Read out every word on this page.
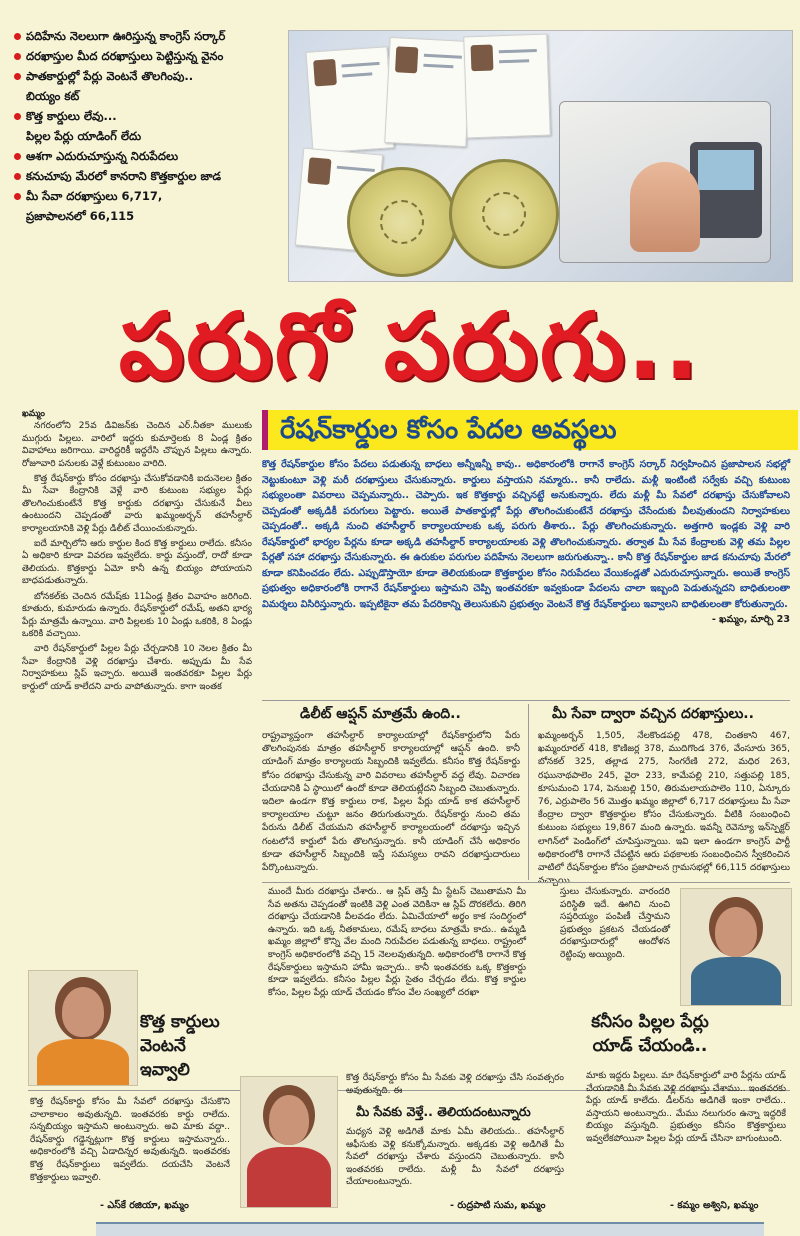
పదిహేను నెలలుగా ఊరిస్తున్న కాంగ్రెస్ సర్కార్
దరఖాస్తుల మీద దరఖాస్తులు పెట్టిస్తున్న వైనం
పాతకార్డుల్లో పేర్లు వెంటనే తొలగింపు..
బియ్యం కట్
కొత్త కార్డులు లేవు...
పిల్లల పేర్లు యాడింగ్ లేదు
ఆశగా ఎదురుచూస్తున్న నిరుపేదలు
కనుచూపు మేరలో కానరాని కొత్తకార్డుల జాడ
మీ సేవా దరఖాస్తులు 6,717,
ప్రజాపాలనలో 66,115
పరుగో పరుగు..
రేషన్‌కార్డుల కోసం పేదల అవస్థలు
ఖమ్మం

నగరంలోని 25వ డివిజన్‌కు చెందిన ఎర్.నీతకా ములుకు ముగ్గురు పిల్లలు. వారిలో ఇద్దరు కుమార్తెలకు 8 ఏండ్ల క్రితం వివాహాలు జరిగాయి. వారిద్దరికీ ఇద్దరేసి చొప్పున పిల్లలు ఉన్నారు. రోజూవారి పనులకు వెళ్లే కుటుంబం వారిది.

కొత్త రేషన్‌కార్డు కోసం దరఖాస్తు చేసుకోవడానికి ఐదునెలల క్రితం మీ సేవా కేంద్రానికి వెళ్లే వారి కుటుంబ సభ్యుల పేర్లు తొలగించుకుంటేనే కొత్త కార్డుకు దరఖాస్తు చేసుకునే వీలు ఉంటుందని చెప్పడంతో వారు ఖమ్మంఅర్బన్ తహసీల్దార్ కార్యాలయానికి వెళ్లి పేర్లు డిలీట్ చేయించుకున్నారు.

ఐదే మార్చిలోని ఆరు కార్డుల కింద కొత్త కార్డులు రాలేదు. కనీసం ఏ అధికారి కూడా వివరణ ఇవ్వలేదు. కార్డు వస్తుందో, రాదో కూడా తెలియదు. కొత్తకార్డు ఏమో కానీ ఉన్న బియ్యం పోయాయని బాధపడుతున్నారు.

బోనకల్‌కు చెందిన రమేష్‌కు 11ఏండ్ల క్రితం వివాహం జరిగింది. కూతురు, కుమారుడు ఉన్నారు. రేషన్‌కార్డులో రమేష్, అతని భార్య పేర్లు మాత్రమే ఉన్నాయి. వారి పిల్లలకు 10 ఏండ్లు ఒకరికి, 8 ఏండ్లు ఒకరికి వచ్చాయి.

వారి రేషన్‌కార్డులో పిల్లల పేర్లు చేర్చడానికి 10 నెలల క్రితం మీ సేవా కేంద్రానికి వెళ్లి దరఖాస్తు చేశారు. అప్పుడు మీ సేవ నిర్వాహకులు స్లిప్ ఇచ్చారు. అయితే ఇంతవరకూ పిల్లల పేర్లు కార్డులో యాడ్ కాలేదని వారు వాపోతున్నారు. కాగా ఇంతక

కొత్త రేషన్‌కార్డుల కోసం పేదలు పడుతున్న బాధలు అన్నీఇన్నీ కావు.. అధికారంలోకి రాగానే కాంగ్రెస్ సర్కార్ నిర్వహించిన ప్రజాపాలన సభల్లో నెట్టుకుంటూ వెళ్లి మరీ దరఖాస్తులు చేసుకున్నారు. కార్డులు వస్తాయని నమ్మారు.. కానీ రాలేదు. మళ్లీ ఇంటింటి సర్వేకు వచ్చి కుటుంబ సభ్యులంతా వివరాలు చెప్పమన్నారు.. చెప్పారు. ఇక కొత్తకార్డు వచ్చినట్టే అనుకున్నారు. లేదు మళ్లీ మీ సేవలో దరఖాస్తు చేసుకోవాలని చెప్పడంతో అక్కడికీ పరుగులు పెట్టారు. అయితే పాతకార్డుల్లో పేర్లు తొలగించుకుంటేనే దరఖాస్తు చేసేందుకు వీలవుతుందని నిర్వాహకులు చెప్పడంతో.. అక్కడి నుంచి తహసీల్దార్ కార్యాలయాలకు ఒక్క పరుగు తీశారు.. పేర్లు తొలగించుకున్నారు. అత్తగారి ఇండ్లకు వెళ్లి వారి రేషన్‌కార్డులో భార్యల పేర్లను కూడా అక్కడి తహసీల్దార్ కార్యాలయాలకు వెళ్లి తొలగించుకున్నారు. తర్వాత మీ సేవ కేంద్రాలకు వెళ్లి తమ పిల్లల పేర్లతో సహా దరఖాస్తు చేసుకున్నారు. ఈ ఉరుకుల పరుగుల పదిహేను నెలలుగా జరుగుతున్నా.. కానీ కొత్త రేషన్‌కార్డుల జాడ కనుచూపు మేరలో కూడా కనిపించడం లేదు. ఎప్పుడొస్తాయో కూడా తెలియకుండా కొత్తకార్డుల కోసం నిరుపేదలు వేయికండ్లతో ఎదురుచూస్తున్నారు. అయితే కాంగ్రెస్ ప్రభుత్వం అధికారంలోకి రాగానే రేషన్‌కార్డులు ఇస్తామని చెప్పి ఇంతవరకూ ఇవ్వకుండా పేదలను చాలా ఇబ్బంది పెడుతున్నదని బాధితులంతా విమర్శలు విసిరిస్తున్నారు. ఇప్పటికైనా తమ పేదరికాన్ని తెలుసుకుని ప్రభుత్వం వెంటనే కొత్త రేషన్‌కార్డులు ఇవ్వాలని బాధితులంతా కోరుతున్నారు.
- ఖమ్మం, మార్చి 23
డిలీట్ ఆప్షన్ మాత్రమే ఉంది..
రాష్ట్రవ్యాప్తంగా తహసీల్దార్ కార్యాలయాల్లో రేషన్‌కార్డులోని పేరు తొలగింపునకు మాత్రం తహసీల్దార్ కార్యాలయాల్లో ఆప్షన్ ఉంది. కానీ యాడింగ్ మాత్రం కార్యాలయ సిబ్బందికి ఇవ్వలేదు. కనీసం కొత్త రేషన్‌కార్డు కోసం దరఖాస్తు చేసుకున్న వారి వివరాలు తహసీల్దార్ వద్ద లేవు. విచారణ చేయడానికి ఏ స్థాయిలో ఉందో కూడా తెలియట్లేదని సిబ్బంది చెబుతున్నారు. ఇదిలా ఉండగా కొత్త కార్డులు రాక, పిల్లల పేర్లు యాడ్ కాక తహసీల్దార్ కార్యాలయాల చుట్టూ జనం తిరుగుతున్నారు. రేషన్‌కార్డు నుంచి తమ పేరును డిలీట్ చేయమని తహసీల్దార్ కార్యాలయంలో దరఖాస్తు ఇచ్చిన గంటలోనే కార్డులో పేరు తొలగిస్తున్నారు. కానీ యాడింగ్ చేసే అధికారం కూడా తహసీల్దార్ సిబ్బందికి ఇస్తే సమస్యలు రావని దరఖాస్తుదారులు పేర్కొంటున్నారు.
మీ సేవా ద్వారా వచ్చిన దరఖాస్తులు..
ఖమ్మంఅర్బన్ 1,505, నేలకొండపల్లి 478, చింతకాని 467, ఖమ్మంరూరల్ 418, కొణిజర్ల 378, ముదిగొండ 376, వేంసూరు 365, బోనకల్ 325, తల్లాడ 275, సింగరేణి 272, మధిర 263, రఘునాథపాలెం 245, వైరా 233, కామేపల్లి 210, సత్తుపల్లి 185, కూసుమంచి 174, పెనుబల్లి 150, తిరుమలాయపాలెం 110, ఏన్కూరు 76, ఎర్రుపాలెం 56 మొత్తం ఖమ్మం జిల్లాలో 6,717 దరఖాస్తులు మీ సేవా కేంద్రాల ద్వారా కొత్తకార్డుల కోసం చేసుకున్నారు. వీటికి సంబంధించి కుటుంబ సభ్యులు 19,867 మంది ఉన్నారు. ఇవన్నీ రెవెన్యూ ఇన్‌స్పెక్టర్ లాగిన్‌లో పెండింగ్‌లో చూపిస్తున్నాయి. ఇవి ఇలా ఉండగా కాంగ్రెస్ పార్టీ అధికారంలోకి రాగానే చేపట్టిన ఆరు పథకాలకు సంబంధించిన స్వీకరించిన వాటిలో రేషన్‌కార్డుల కోసం ప్రజాపాలన గ్రామసభల్లో 66,115 దరఖాస్తులు
ముందే మీరు దరఖాస్తు చేశారు.. ఆ స్లిప్ తెస్తే మీ స్టేటస్ చెబుతామని మీ సేవ అతను చెప్పడంతో ఇంటికి వెళ్లి ఎంత వెదికినా ఆ స్లిప్ దొరకలేదు. తిరిగి దరఖాస్తు చేయడానికి వీలవడం లేదు. ఏమిచేయాలో అర్థం కాక సందిగ్ధంలో ఉన్నారు. ఇది ఒక్క నీతకామలు, రమేష్ బాధలు మాత్రమే కాదు.. ఉమ్మడి ఖమ్మం జిల్లాలో కొన్ని వేల మంది నిరుపేదల పడుతున్న బాధలు. రాష్ట్రంలో కాంగ్రెస్ అధికారంలోకి వచ్చి 15 నెలలవుతున్నది. అధికారంలోకి రాగానే కొత్త రేషన్‌కార్డులు ఇస్తామని హామీ ఇచ్చారు.. కానీ ఇంతవరకు ఒక్క కొత్తకార్డు కూడా ఇవ్వలేదు. కనీసం పిల్లల పేర్లు సైతం చేర్చడం లేదు. కొత్త కార్డుల కోసం, పిల్లల పేర్లు యాడ్ చేయడం కోసం వేల సంఖ్యలో దరఖా
స్తులు చేసుకున్నారు. వారందరి పరిస్థితి ఇదే. ఊగిచి నుంచి సప్తరియ్యం పంపిణీ చేస్తామని ప్రభుత్వం ప్రకటన చేయడంతో దరఖాస్తుదారుల్లో ఆందోళన రెట్టింపు అయ్యింది.
కొత్త కార్డులు వెంటనే ఇవ్వాలి
కనీసం పిల్లల పేర్లు యాడ్ చేయండి..
కొత్త రేషన్‌కార్డు కోసం మీ సేవలో దరఖాస్తు చేసుకొని చాలాకాలం అవుతున్నది. ఇంతవరకు కార్డు రాలేదు. సన్నబియ్యం ఇస్తామని అంటున్నారు. అవి మాకు వద్దా.. రేషన్‌కార్డు గడ్డెన్నట్లుగా కొత్త కార్డులు ఇస్తామన్నారు.. అధికారంలోకి వచ్చి ఏడాదిన్నర అవుతున్నది. ఇంతవరకు కొత్త రేషన్‌కార్డులు ఇవ్వలేదు. దయచేసి వెంటనే కొత్తకార్డులు ఇవ్వాలి.
- ఎస్‌కే రజియా, ఖమ్మం
కొత్త రేషన్‌కార్డు కోసం మీ సేవకు వెళ్లి దరఖాస్తు చేసి సంవత్సరం అవుతున్నది. ఈ
మీ సేవకు వెళ్తే.. తెలియదంటున్నారు
మధ్యన వెళ్లి అడిగితే మాకు ఏమీ తెలియదు.. తహసీల్దార్ ఆఫీసుకు వెళ్లి కనుక్కోమన్నారు. అక్కడకు వెళ్లి అడిగితే మీ సేవలో దరఖాస్తు చేశారు వస్తుందని చెబుతున్నారు. కానీ ఇంతవరకు రాలేదు. మళ్లీ మీ సేవలో దరఖాస్తు చేయాలంటున్నారు.
- రుద్రపాటి సుమ, ఖమ్మం
మాకు ఇద్దరు పిల్లలు. మా రేషన్‌కార్డులో వారి పేర్లను యాడ్ చేయడానికి మీ సేవకు వెళ్లి దరఖాస్తు చేశాము.. ఇంతవరకు పేర్లు యాడ్ కాలేదు. డీలర్‌ను అడిగితే ఇంకా రాలేదు.. వస్తాయని అంటున్నారు.. మేము నలుగురం ఉన్నా ఇద్దరికే బియ్యం వస్తున్నది. ప్రభుత్వం కనీసం కొత్తకార్డులు ఇవ్వలేకపోయినా పిల్లల పేర్లు యాడ్ చేసినా బాగుంటుంది.
- కమ్మం అశ్విని, ఖమ్మం
